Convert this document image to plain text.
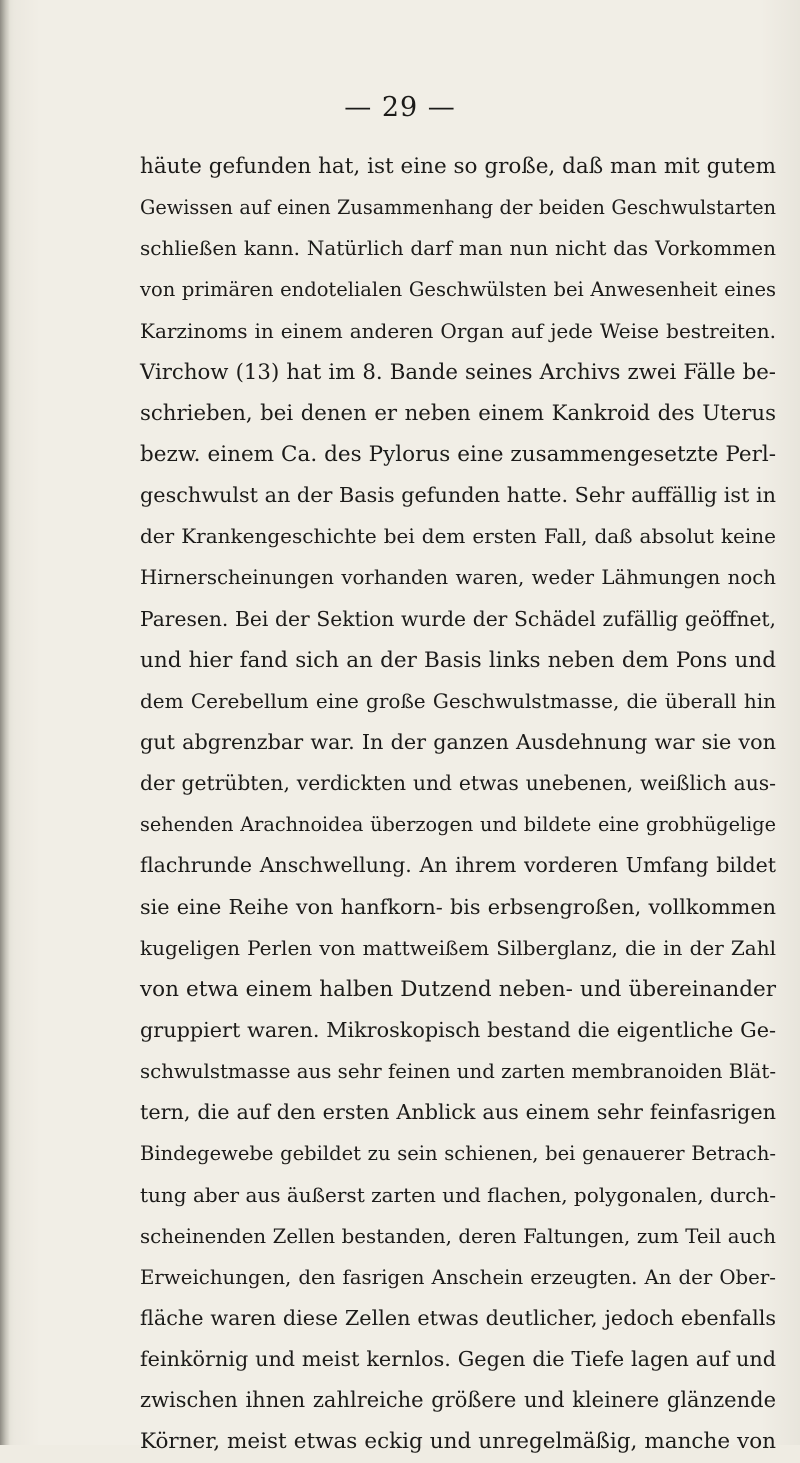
— 29 —
häute gefunden hat, ist eine so große, daß man mit gutem
Gewissen auf einen Zusammenhang der beiden Geschwulstarten
schließen kann. Natürlich darf man nun nicht das Vorkommen
von primären endotelialen Geschwülsten bei Anwesenheit eines
Karzinoms in einem anderen Organ auf jede Weise bestreiten.
Virchow (13) hat im 8. Bande seines Archivs zwei Fälle be-
schrieben, bei denen er neben einem Kankroid des Uterus
bezw. einem Ca. des Pylorus eine zusammengesetzte Perl-
geschwulst an der Basis gefunden hatte. Sehr auffällig ist in
der Krankengeschichte bei dem ersten Fall, daß absolut keine
Hirnerscheinungen vorhanden waren, weder Lähmungen noch
Paresen. Bei der Sektion wurde der Schädel zufällig geöffnet,
und hier fand sich an der Basis links neben dem Pons und
dem Cerebellum eine große Geschwulstmasse, die überall hin
gut abgrenzbar war. In der ganzen Ausdehnung war sie von
der getrübten, verdickten und etwas unebenen, weißlich aus-
sehenden Arachnoidea überzogen und bildete eine grobhügelige
flachrunde Anschwellung. An ihrem vorderen Umfang bildet
sie eine Reihe von hanfkorn- bis erbsengroßen, vollkommen
kugeligen Perlen von mattweißem Silberglanz, die in der Zahl
von etwa einem halben Dutzend neben- und übereinander
gruppiert waren. Mikroskopisch bestand die eigentliche Ge-
schwulstmasse aus sehr feinen und zarten membranoiden Blät-
tern, die auf den ersten Anblick aus einem sehr feinfasrigen
Bindegewebe gebildet zu sein schienen, bei genauerer Betrach-
tung aber aus äußerst zarten und flachen, polygonalen, durch-
scheinenden Zellen bestanden, deren Faltungen, zum Teil auch
Erweichungen, den fasrigen Anschein erzeugten. An der Ober-
fläche waren diese Zellen etwas deutlicher, jedoch ebenfalls
feinkörnig und meist kernlos. Gegen die Tiefe lagen auf und
zwischen ihnen zahlreiche größere und kleinere glänzende
Körner, meist etwas eckig und unregelmäßig, manche von
